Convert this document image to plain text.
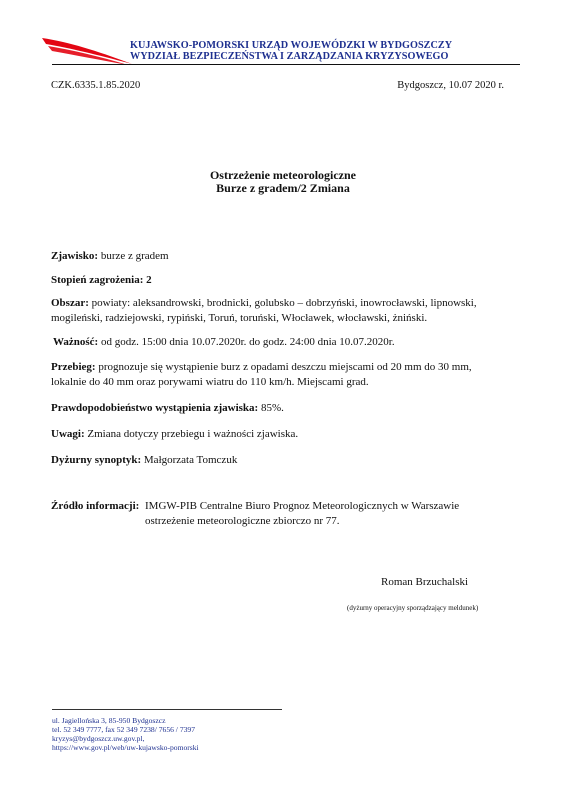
KUJAWSKO-POMORSKI URZĄD WOJEWÓDZKI W BYDGOSZCZY
WYDZIAŁ BEZPIECZEŃSTWA I ZARZĄDZANIA KRYZYSOWEGO
CZK.6335.1.85.2020	Bydgoszcz, 10.07 2020 r.
Ostrzeżenie meteorologiczne
Burze z gradem/2 Zmiana
Zjawisko: burze z gradem
Stopień zagrożenia: 2
Obszar: powiaty: aleksandrowski, brodnicki, golubsko – dobrzyński, inowrocławski, lipnowski,
mogileński, radziejowski, rypiński, Toruń, toruński, Włocławek, włocławski, żniński.
Ważność: od godz. 15:00 dnia 10.07.2020r. do godz. 24:00 dnia 10.07.2020r.
Przebieg: prognozuje się wystąpienie burz z opadami deszczu miejscami od 20 mm do 30 mm,
lokalnie do 40 mm oraz porywami wiatru do 110 km/h. Miejscami grad.
Prawdopodobieństwo wystąpienia zjawiska: 85%.
Uwagi: Zmiana dotyczy przebiegu i ważności zjawiska.
Dyżurny synoptyk: Małgorzata Tomczuk
Źródło informacji: IMGW-PIB Centralne Biuro Prognoz Meteorologicznych w Warszawie
ostrzeżenie meteorologiczne zbiorczo nr 77.
Roman Brzuchalski
(dyżurny operacyjny sporządzający meldunek)
ul. Jagiellońska 3, 85-950 Bydgoszcz
tel. 52 349 7777, fax 52 349 7238/ 7656 / 7397
kryzys@bydgoszcz.uw.gov.pl,
https://www.gov.pl/web/uw-kujawsko-pomorski
